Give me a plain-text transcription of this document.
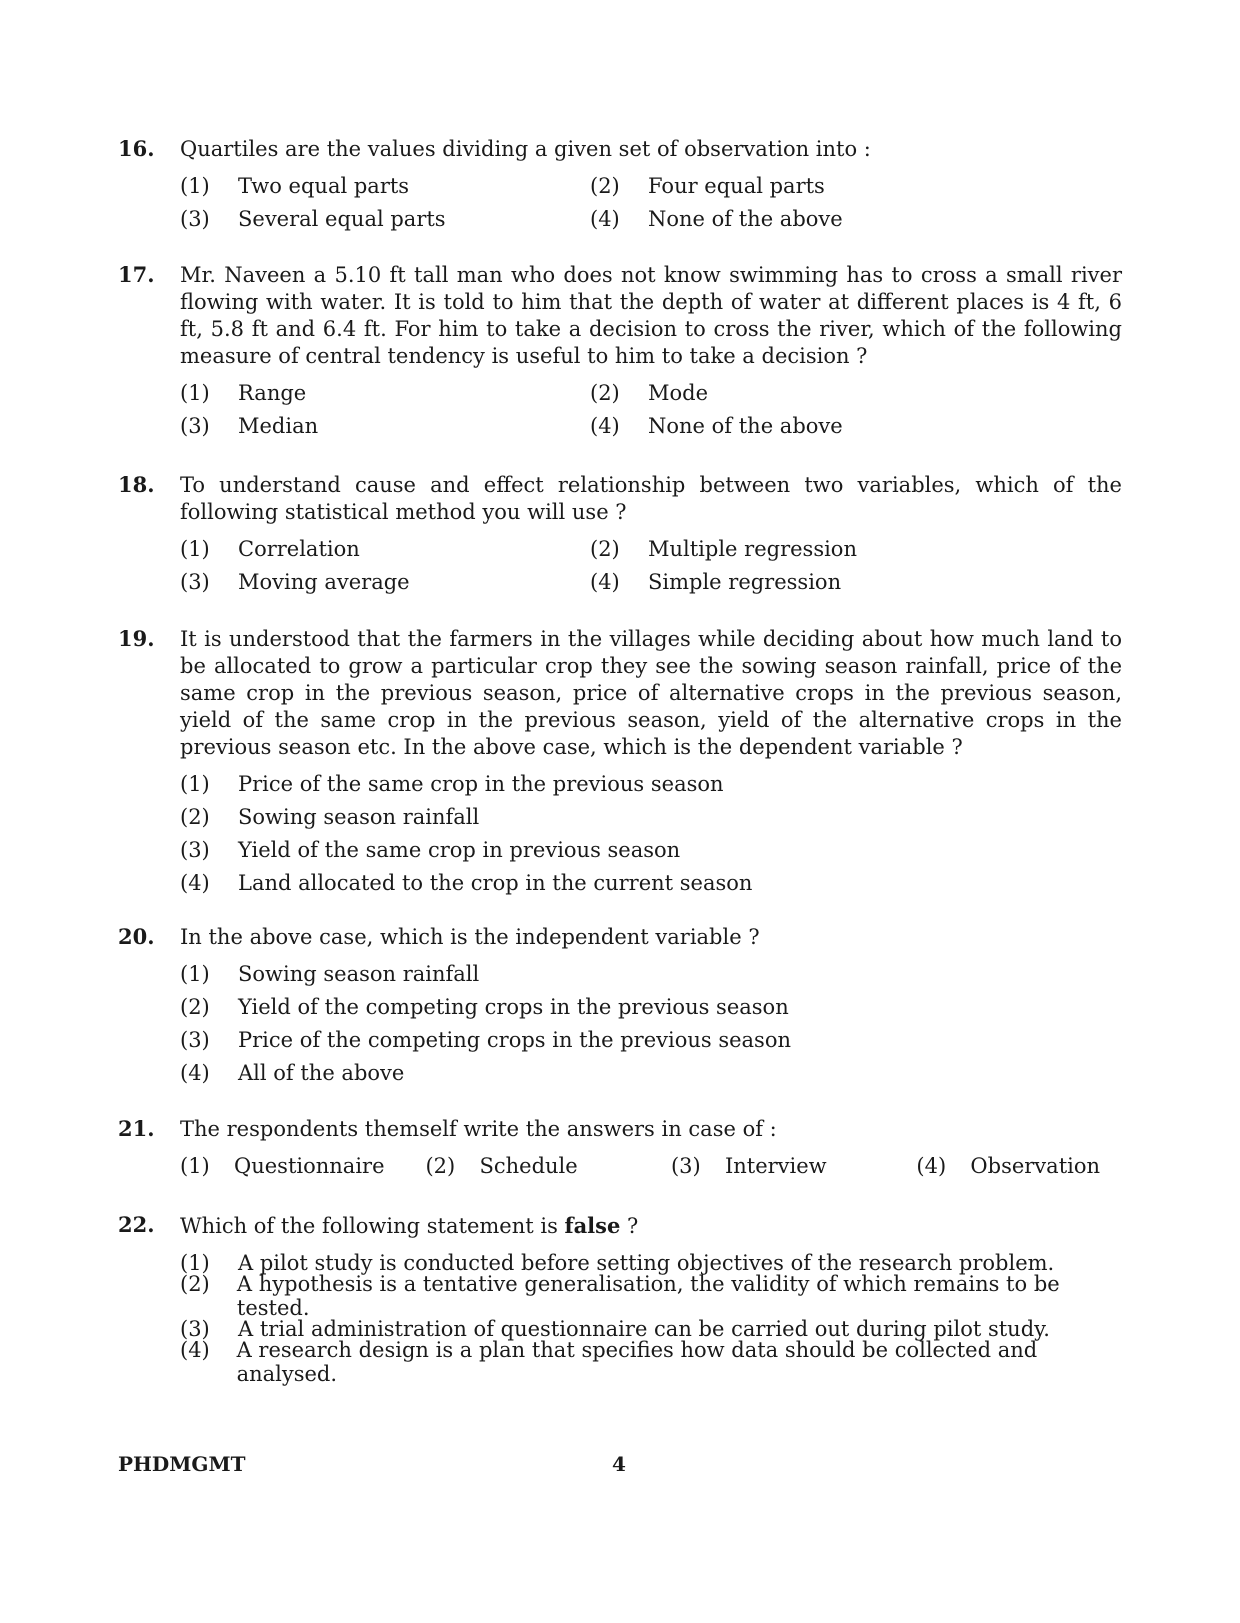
16.	Quartiles are the values dividing a given set of observation into :
(1)	Two equal parts	(2)	Four equal parts
(3)	Several equal parts	(4)	None of the above
17.	Mr. Naveen a 5.10 ft tall man who does not know swimming has to cross a small river flowing with water. It is told to him that the depth of water at different places is 4 ft, 6 ft, 5.8 ft and 6.4 ft. For him to take a decision to cross the river, which of the following measure of central tendency is useful to him to take a decision ?
(1)	Range	(2)	Mode
(3)	Median	(4)	None of the above
18.	To understand cause and effect relationship between two variables, which of the following statistical method you will use ?
(1)	Correlation	(2)	Multiple regression
(3)	Moving average	(4)	Simple regression
19.	It is understood that the farmers in the villages while deciding about how much land to be allocated to grow a particular crop they see the sowing season rainfall, price of the same crop in the previous season, price of alternative crops in the previous season, yield of the same crop in the previous season, yield of the alternative crops in the previous season etc. In the above case, which is the dependent variable ?
(1)	Price of the same crop in the previous season
(2)	Sowing season rainfall
(3)	Yield of the same crop in previous season
(4)	Land allocated to the crop in the current season
20.	In the above case, which is the independent variable ?
(1)	Sowing season rainfall
(2)	Yield of the competing crops in the previous season
(3)	Price of the competing crops in the previous season
(4)	All of the above
21.	The respondents themself write the answers in case of :
(1)	Questionnaire (2)	Schedule	(3)	Interview	(4)	Observation
22.	Which of the following statement is false ?
(1)	A pilot study is conducted before setting objectives of the research problem.
(2)	A hypothesis is a tentative generalisation, the validity of which remains to be tested.
(3)	A trial administration of questionnaire can be carried out during pilot study.
(4)	A research design is a plan that specifies how data should be collected and analysed.
PHDMGMT	4
